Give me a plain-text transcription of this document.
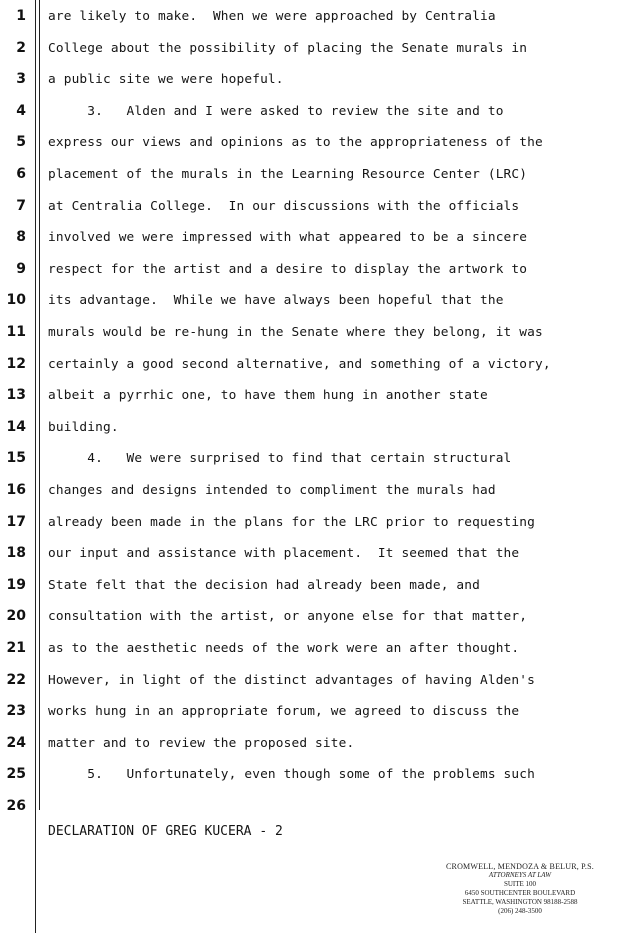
1
2
3
4
5
6
7
8
9
10
11
12
13
14
15
16
17
18
19
20
21
22
23
24
25
26
are likely to make.  When we were approached by Centralia
College about the possibility of placing the Senate murals in
a public site we were hopeful.
3.   Alden and I were asked to review the site and to
express our views and opinions as to the appropriateness of the
placement of the murals in the Learning Resource Center (LRC)
at Centralia College.  In our discussions with the officials
involved we were impressed with what appeared to be a sincere
respect for the artist and a desire to display the artwork to
its advantage.  While we have always been hopeful that the
murals would be re-hung in the Senate where they belong, it was
certainly a good second alternative, and something of a victory,
albeit a pyrrhic one, to have them hung in another state
building.
4.   We were surprised to find that certain structural
changes and designs intended to compliment the murals had
already been made in the plans for the LRC prior to requesting
our input and assistance with placement.  It seemed that the
State felt that the decision had already been made, and
consultation with the artist, or anyone else for that matter,
as to the aesthetic needs of the work were an after thought.
However, in light of the distinct advantages of having Alden's
works hung in an appropriate forum, we agreed to discuss the
matter and to review the proposed site.
5.   Unfortunately, even though some of the problems such
DECLARATION OF GREG KUCERA - 2
CROMWELL, MENDOZA & BELUR, P.S.
ATTORNEYS AT LAW
SUITE 100
6450 SOUTHCENTER BOULEVARD
SEATTLE, WASHINGTON 98188-2588
(206) 248-3500
